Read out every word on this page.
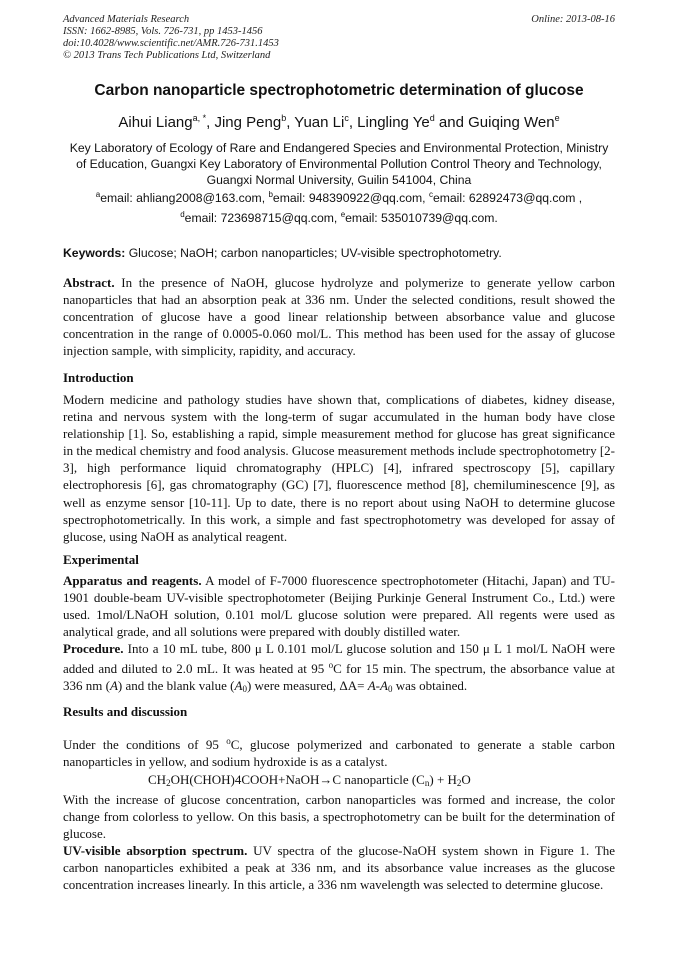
Advanced Materials Research
ISSN: 1662-8985, Vols. 726-731, pp 1453-1456
doi:10.4028/www.scientific.net/AMR.726-731.1453
© 2013 Trans Tech Publications Ltd, Switzerland
Online: 2013-08-16
Carbon nanoparticle spectrophotometric determination of glucose
Aihui Liang$^{a, *}$, Jing Peng$^b$, Yuan Li$^c$, Lingling Ye$^d$ and Guiqing Wen$^e$
Key Laboratory of Ecology of Rare and Endangered Species and Environmental Protection, Ministry
of Education, Guangxi Key Laboratory of Environmental Pollution Control Theory and Technology,
Guangxi Normal University, Guilin 541004, China
$^a$email: ahliang2008@163.com, $^b$email: 948390922@qq.com, $^c$email: 62892473@qq.com ,
$^d$email: 723698715@qq.com, $^e$email: 535010739@qq.com.
Keywords: Glucose; NaOH; carbon nanoparticles; UV-visible spectrophotometry.
Abstract. In the presence of NaOH, glucose hydrolyze and polymerize to generate yellow carbon nanoparticles that had an absorption peak at 336 nm. Under the selected conditions, result showed the concentration of glucose have a good linear relationship between absorbance value and glucose concentration in the range of 0.0005-0.060 mol/L. This method has been used for the assay of glucose injection sample, with simplicity, rapidity, and accuracy.
Introduction
Modern medicine and pathology studies have shown that, complications of diabetes, kidney disease, retina and nervous system with the long-term of sugar accumulated in the human body have close relationship [1]. So, establishing a rapid, simple measurement method for glucose has great significance in the medical chemistry and food analysis. Glucose measurement methods include spectrophotometry [2-3], high performance liquid chromatography (HPLC) [4], infrared spectroscopy [5], capillary electrophoresis [6], gas chromatography (GC) [7], fluorescence method [8], chemiluminescence [9], as well as enzyme sensor [10-11]. Up to date, there is no report about using NaOH to determine glucose spectrophotometrically. In this work, a simple and fast spectrophotometry was developed for assay of glucose, using NaOH as analytical reagent.
Experimental
Apparatus and reagents. A model of F-7000 fluorescence spectrophotometer (Hitachi, Japan) and TU-1901 double-beam UV-visible spectrophotometer (Beijing Purkinje General Instrument Co., Ltd.) were used. 1mol/LNaOH solution, 0.101 mol/L glucose solution were prepared. All regents were used as analytical grade, and all solutions were prepared with doubly distilled water.
Procedure. Into a 10 mL tube, 800 μ L 0.101 mol/L glucose solution and 150 μ L 1 mol/L NaOH were added and diluted to 2.0 mL. It was heated at 95 $^o$C for 15 min. The spectrum, the absorbance value at 336 nm (A) and the blank value $(A_0)$ were measured, $\Delta A= A-A_0$ was obtained.
Results and discussion
Under the conditions of 95 $^o$C, glucose polymerized and carbonated to generate a stable carbon nanoparticles in yellow, and sodium hydroxide is as a catalyst.
$CH_2OH(CHOH)4COOH+NaOH\to C$ nanoparticle $(C_n) + H_2O$
With the increase of glucose concentration, carbon nanoparticles was formed and increase, the color change from colorless to yellow. On this basis, a spectrophotometry can be built for the determination of glucose.
UV-visible absorption spectrum. UV spectra of the glucose-NaOH system shown in Figure 1. The carbon nanoparticles exhibited a peak at 336 nm, and its absorbance value increases as the glucose concentration increases linearly. In this article, a 336 nm wavelength was selected to determine glucose.
